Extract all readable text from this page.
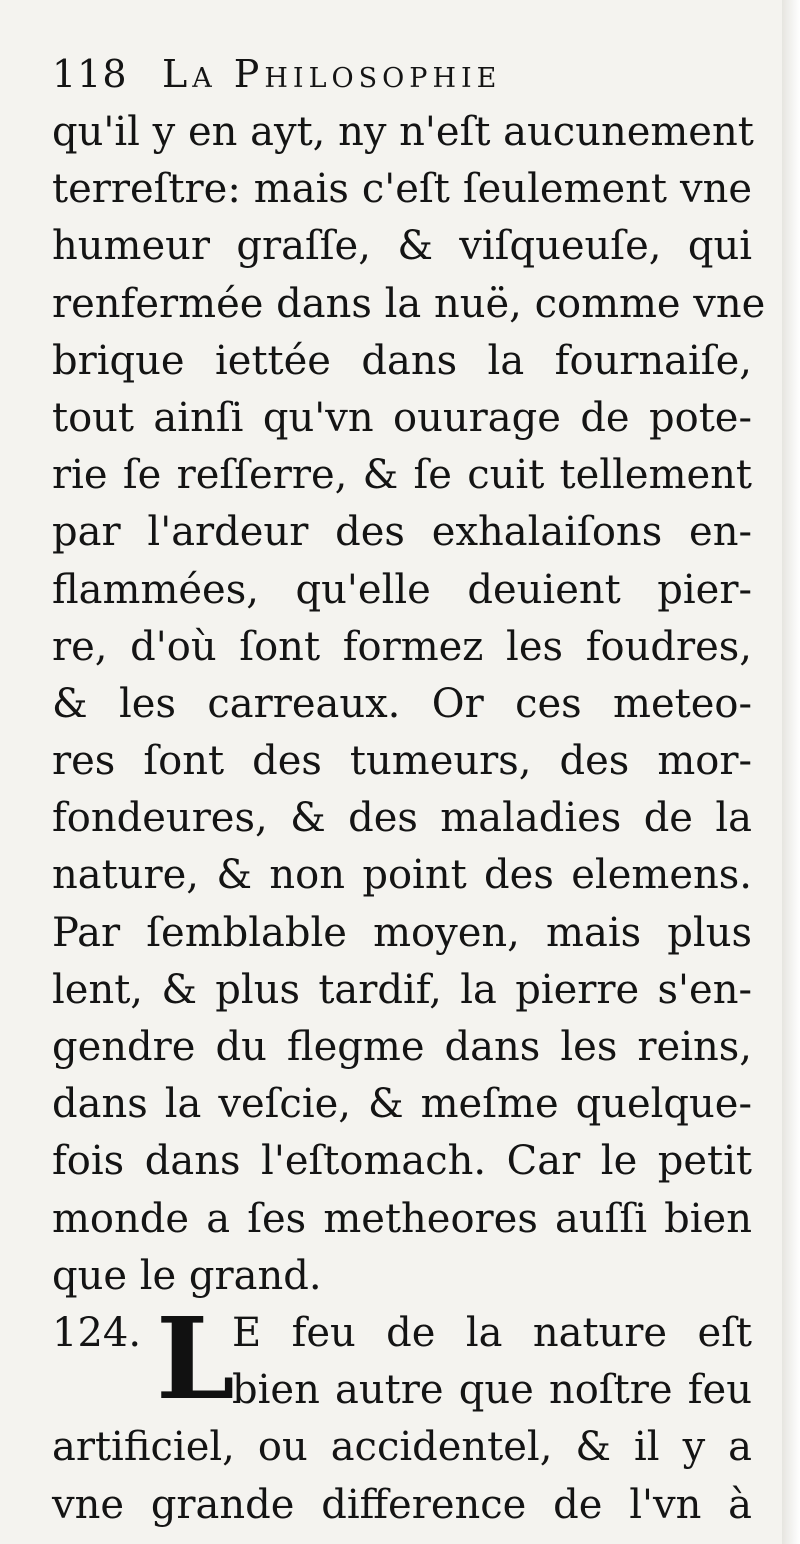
118 La Philosophie
qu'il y en ayt, ny n'eſt aucunement
terreſtre: mais c'eſt ſeulement vne
humeur graſſe, & viſqueuſe, qui
renfermée dans la nuë, comme vne
brique iettée dans la fournaiſe,
tout ainſi qu'vn ouurage de pote-
rie ſe reſſerre, & ſe cuit tellement
par l'ardeur des exhalaiſons en-
flammées, qu'elle deuient pier-
re, d'où ſont formez les foudres,
& les carreaux. Or ces meteo-
res ſont des tumeurs, des mor-
fondeures, & des maladies de la
nature, & non point des elemens.
Par ſemblable moyen, mais plus
lent, & plus tardif, la pierre s'en-
gendre du flegme dans les reins,
dans la veſcie, & meſme quelque-
fois dans l'eſtomach. Car le petit
monde a ſes metheores auſſi bien
que le grand.
124. L
E feu de la nature eſt
bien autre que noſtre feu
artificiel, ou accidentel, & il y a
vne grande difference de l'vn à
